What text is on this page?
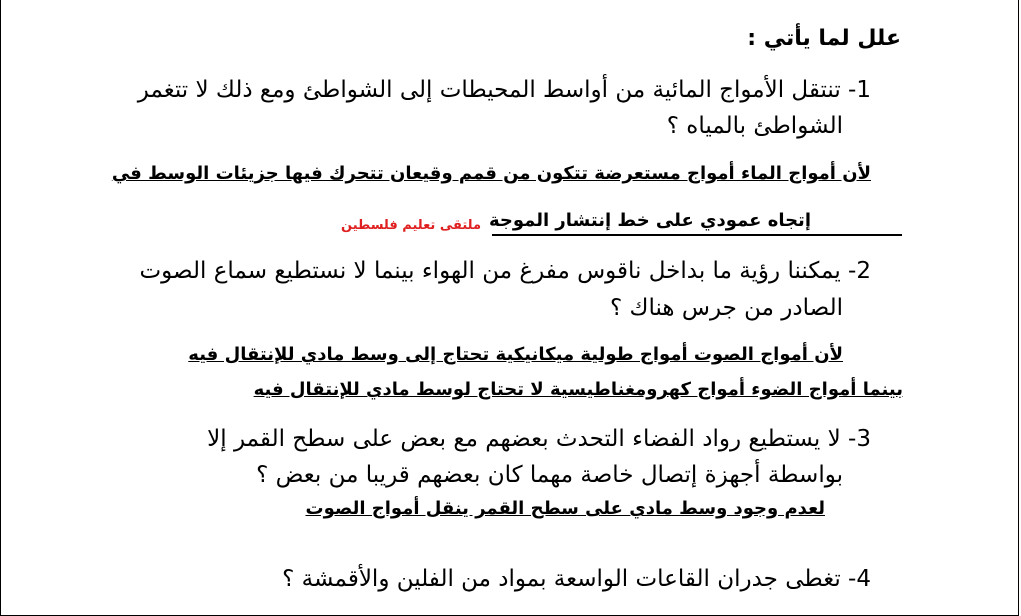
علل لما يأتي :
1- تنتقل الأمواج المائية من أواسط المحيطات إلى الشواطئ ومع ذلك لا تتغمر
الشواطئ بالمياه ؟
لأن أمواج الماء أمواج مستعرضة تتكون من قمم وقيعان تتحرك فيها جزيئات الوسط في
إتجاه عمودي على خط إنتشار الموجة
ملتقى تعليم فلسطين
2- يمكننا رؤية ما بداخل ناقوس مفرغ من الهواء بينما لا نستطيع سماع الصوت
الصادر من جرس هناك ؟
لأن أمواج الصوت أمواج طولية ميكانيكية تحتاج إلى وسط مادي للإنتقال فيه
بينما أمواج الضوء أمواج كهرومغناطيسية لا تحتاج لوسط مادي للإنتقال فيه
3- لا يستطيع رواد الفضاء التحدث بعضهم مع بعض على سطح القمر إلا
بواسطة أجهزة إتصال خاصة مهما كان بعضهم قريبا من بعض ؟
لعدم وجود وسط مادي على سطح القمر ينقل أمواج الصوت
4- تغطى جدران القاعات الواسعة بمواد من الفلين والأقمشة ؟
